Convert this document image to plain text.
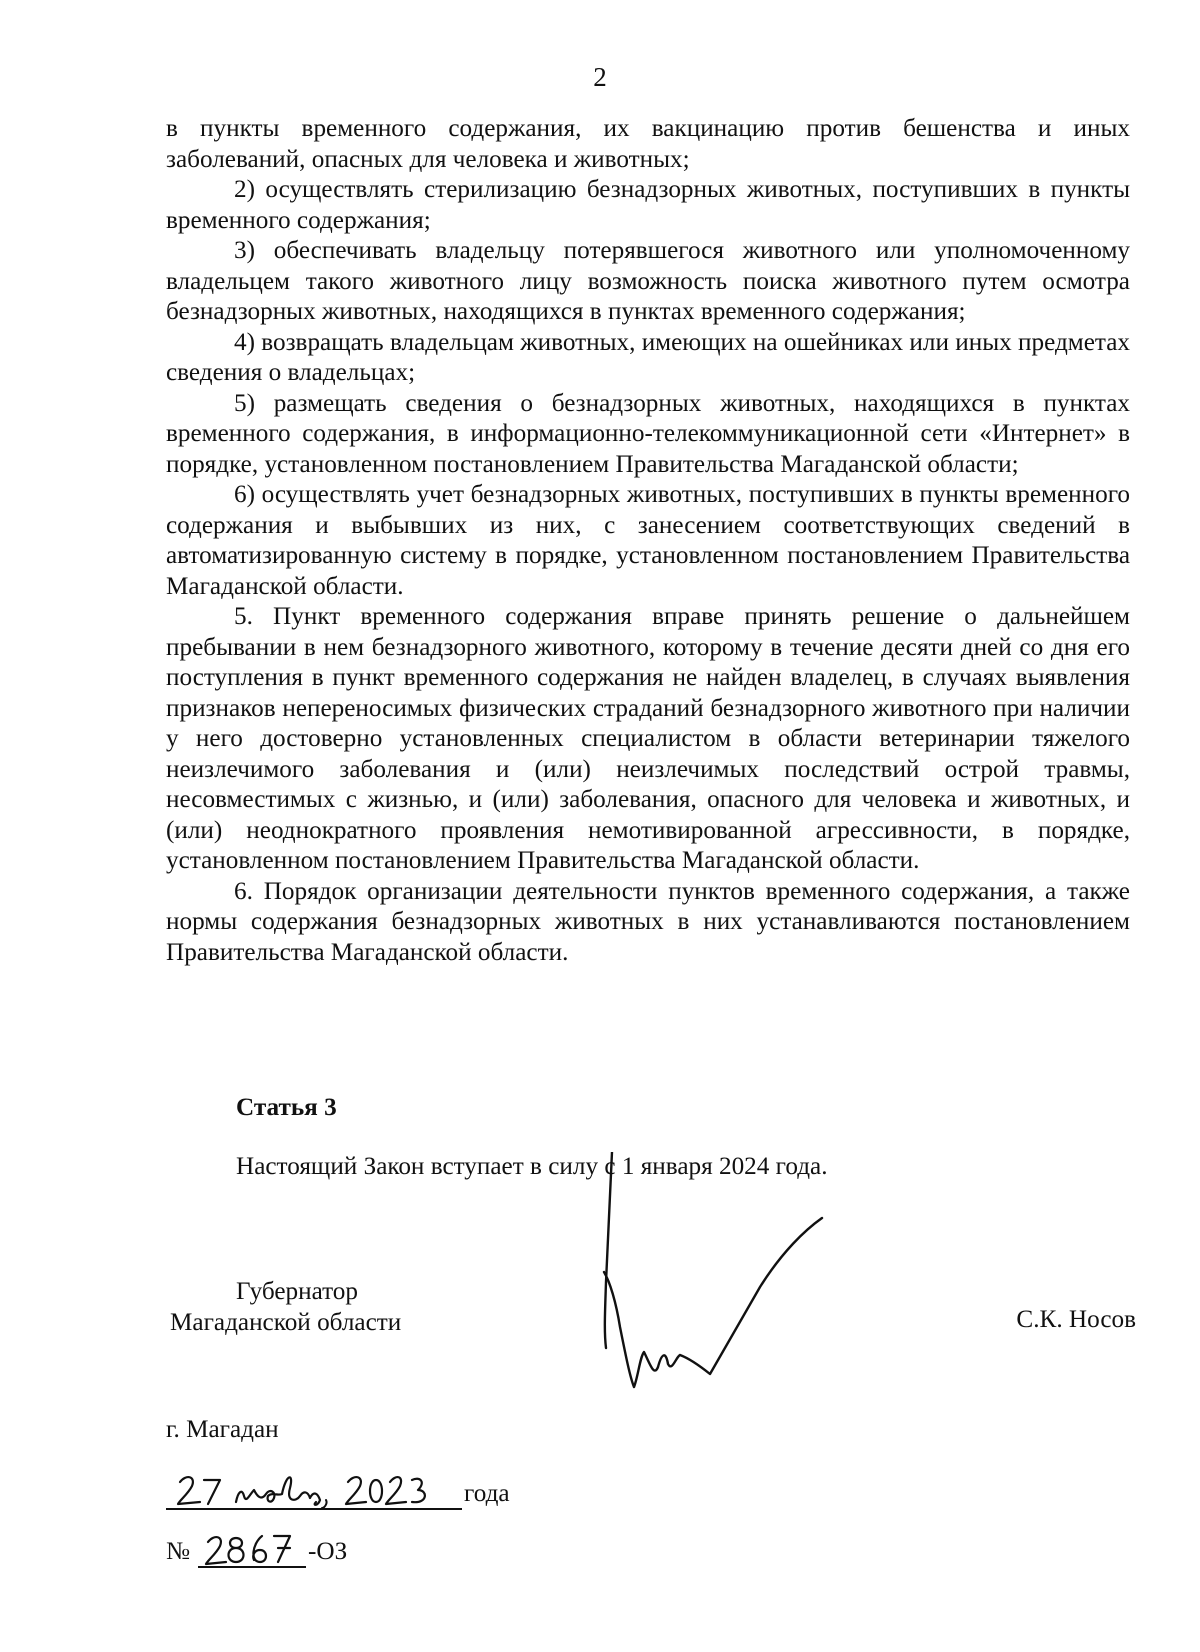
2

в пункты временного содержания, их вакцинацию против бешенства и иных заболеваний, опасных для человека и животных;

2) осуществлять стерилизацию безнадзорных животных, поступивших в пункты временного содержания;

3) обеспечивать владельцу потерявшегося животного или уполномоченному владельцем такого животного лицу возможность поиска животного путем осмотра безнадзорных животных, находящихся в пунктах временного содержания;

4) возвращать владельцам животных, имеющих на ошейниках или иных предметах сведения о владельцах;

5) размещать сведения о безнадзорных животных, находящихся в пунктах временного содержания, в информационно-телекоммуникационной сети «Интернет» в порядке, установленном постановлением Правительства Магаданской области;

6) осуществлять учет безнадзорных животных, поступивших в пункты временного содержания и выбывших из них, с занесением соответствующих сведений в автоматизированную систему в порядке, установленном постановлением Правительства Магаданской области.

5. Пункт временного содержания вправе принять решение о дальнейшем пребывании в нем безнадзорного животного, которому в течение десяти дней со дня его поступления в пункт временного содержания не найден владелец, в случаях выявления признаков непереносимых физических страданий безнадзорного животного при наличии у него достоверно установленных специалистом в области ветеринарии тяжелого неизлечимого заболевания и (или) неизлечимых последствий острой травмы, несовместимых с жизнью, и (или) заболевания, опасного для человека и животных, и (или) неоднократного проявления немотивированной агрессивности, в порядке, установленном постановлением Правительства Магаданской области.

6. Порядок организации деятельности пунктов временного содержания, а также нормы содержания безнадзорных животных в них устанавливаются постановлением Правительства Магаданской области.

Статья 3
Настоящий Закон вступает в силу с 1 января 2024 года.
Губернатор
Магаданской области	С.К. Носов
г. Магадан
года
№	-ОЗ
